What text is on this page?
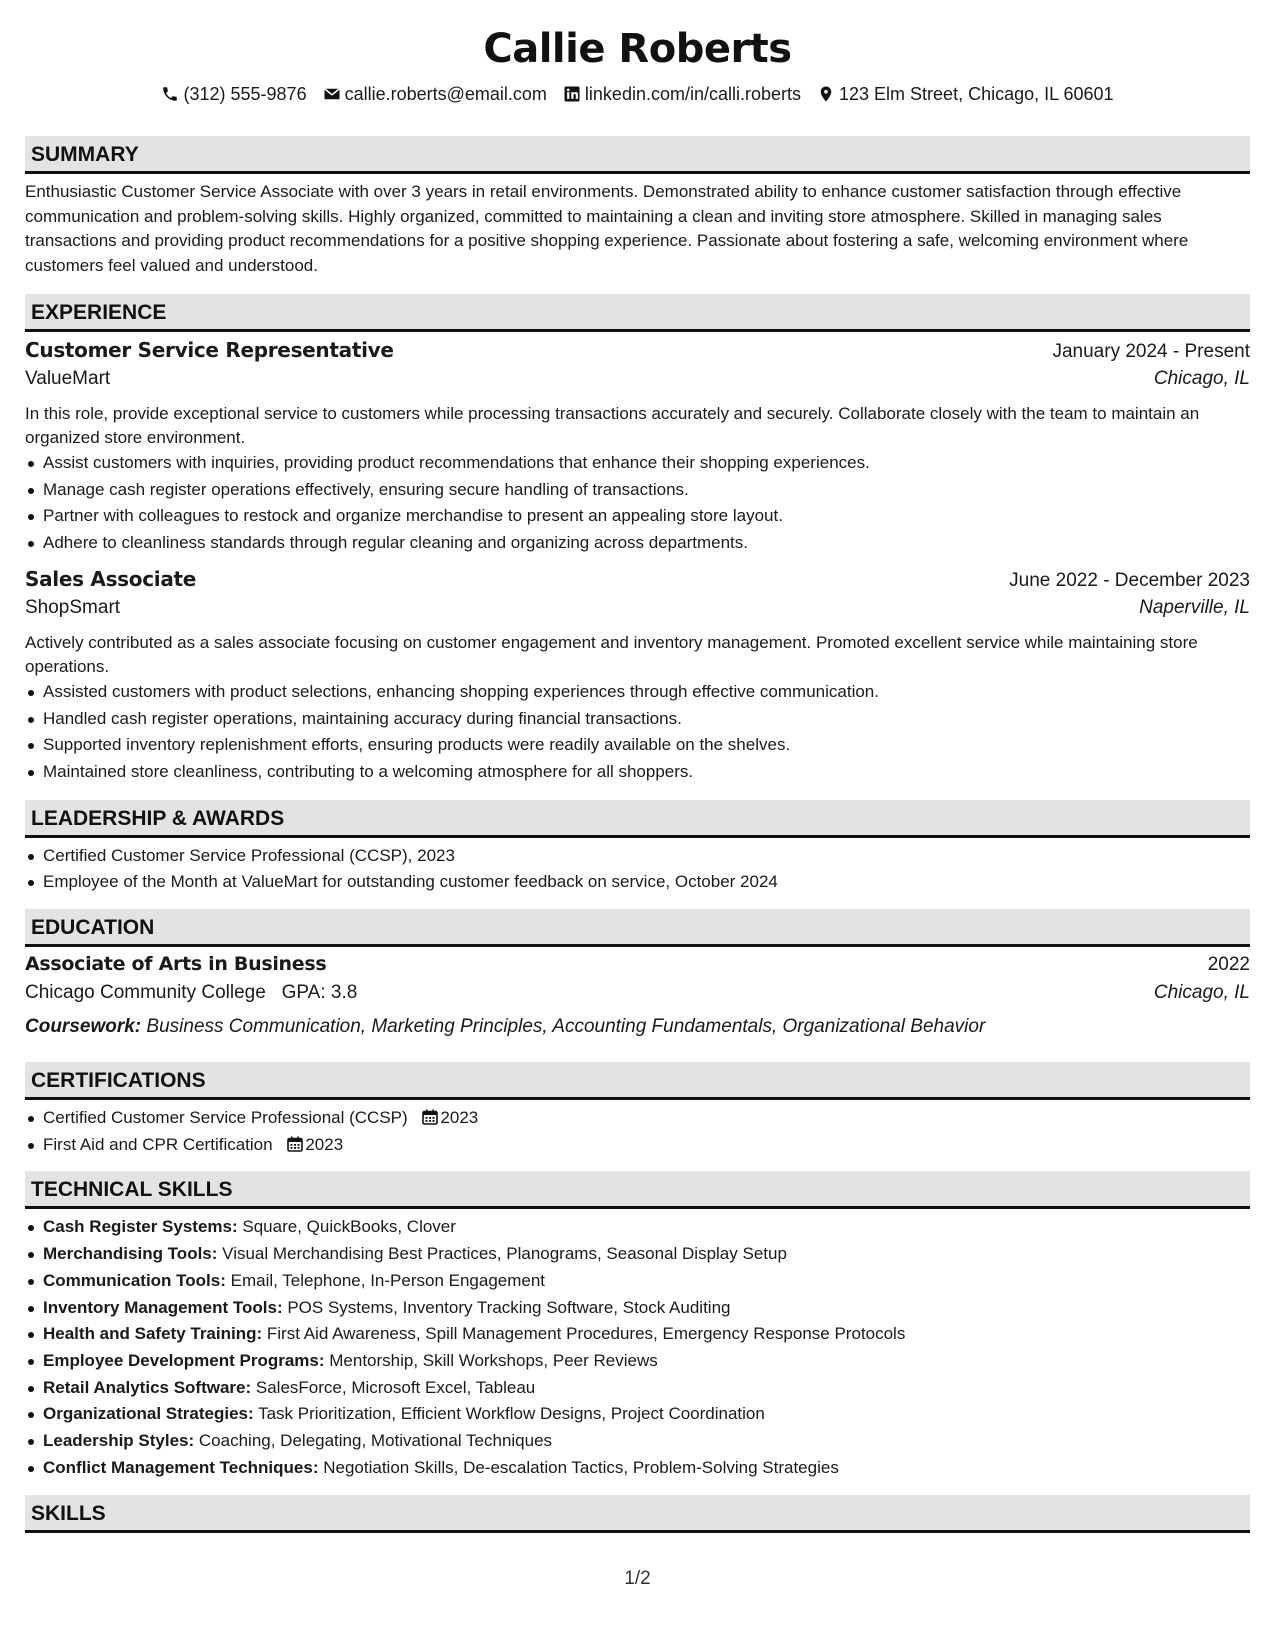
Callie Roberts
(312) 555-9876 callie.roberts@email.com linkedin.com/in/calli.roberts 123 Elm Street, Chicago, IL 60601
SUMMARY

Enthusiastic Customer Service Associate with over 3 years in retail environments. Demonstrated ability to enhance customer satisfaction through effective communication and problem-solving skills. Highly organized, committed to maintaining a clean and inviting store atmosphere. Skilled in managing sales transactions and providing product recommendations for a positive shopping experience. Passionate about fostering a safe, welcoming environment where customers feel valued and understood.

EXPERIENCE
Customer Service Representative	January 2024 - Present
ValueMart	Chicago, IL

In this role, provide exceptional service to customers while processing transactions accurately and securely. Collaborate closely with the team to maintain an organized store environment.

Assist customers with inquiries, providing product recommendations that enhance their shopping experiences.
Manage cash register operations effectively, ensuring secure handling of transactions.
Partner with colleagues to restock and organize merchandise to present an appealing store layout.
Adhere to cleanliness standards through regular cleaning and organizing across departments.
Sales Associate	June 2022 - December 2023
ShopSmart	Naperville, IL

Actively contributed as a sales associate focusing on customer engagement and inventory management. Promoted excellent service while maintaining store operations.

Assisted customers with product selections, enhancing shopping experiences through effective communication.
Handled cash register operations, maintaining accuracy during financial transactions.
Supported inventory replenishment efforts, ensuring products were readily available on the shelves.
Maintained store cleanliness, contributing to a welcoming atmosphere for all shoppers.
LEADERSHIP & AWARDS
Certified Customer Service Professional (CCSP), 2023
Employee of the Month at ValueMart for outstanding customer feedback on service, October 2024
EDUCATION
Associate of Arts in Business	2022
Chicago Community College GPA: 3.8	Chicago, IL
Coursework: Business Communication, Marketing Principles, Accounting Fundamentals, Organizational Behavior
CERTIFICATIONS
Certified Customer Service Professional (CCSP) 2023
First Aid and CPR Certification 2023
TECHNICAL SKILLS
Cash Register Systems: Square, QuickBooks, Clover
Merchandising Tools: Visual Merchandising Best Practices, Planograms, Seasonal Display Setup
Communication Tools: Email, Telephone, In-Person Engagement
Inventory Management Tools: POS Systems, Inventory Tracking Software, Stock Auditing
Health and Safety Training: First Aid Awareness, Spill Management Procedures, Emergency Response Protocols
Employee Development Programs: Mentorship, Skill Workshops, Peer Reviews
Retail Analytics Software: SalesForce, Microsoft Excel, Tableau
Organizational Strategies: Task Prioritization, Efficient Workflow Designs, Project Coordination
Leadership Styles: Coaching, Delegating, Motivational Techniques
Conflict Management Techniques: Negotiation Skills, De-escalation Tactics, Problem-Solving Strategies
SKILLS
1/2
